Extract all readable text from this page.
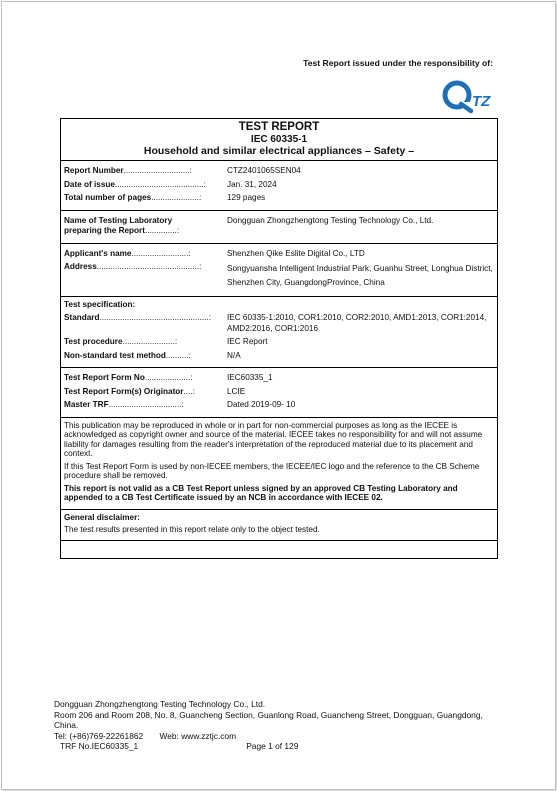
Test Report issued under the responsibility of:
TZ
TEST REPORT
IEC 60335-1
Household and similar electrical appliances – Safety –
Report Number.............................:	CTZ2401065SEN04
Date of issue.......................................:	Jan. 31, 2024
Total number of pages.....................:	129 pages
Name of Testing Laboratory
preparing the Report..............:
Dongguan Zhongzhengtong Testing Technology Co., Ltd.
Applicant's name.........................:	Shenzhen Qike Eslite Digital Co., LTD
Address.............................................:	Songyuansha Intelligent Industrial Park, Guanhu Street, Longhua District, Shenzhen City, GuangdongProvince, China
Test specification:
Standard................................................:	IEC 60335-1:2010, COR1:2010, COR2:2010, AMD1:2013, COR1:2014, AMD2:2016, COR1:2016
Test procedure.......................:	IEC Report
Non-standard test method..........:	N/A
Test Report Form No....................:	IEC60335_1
Test Report Form(s) Originator....:	LCIE
Master TRF................................:	Dated 2019-09- 10
This publication may be reproduced in whole or in part for non-commercial purposes as long as the IECEE is acknowledged as copyright owner and source of the material. IECEE takes no responsibility for and will not assume liability for damages resulting from the reader's interpretation of the reproduced material due to its placement and context.
If this Test Report Form is used by non-IECEE members, the IECEE/IEC logo and the reference to the CB Scheme procedure shall be removed.
This report is not valid as a CB Test Report unless signed by an approved CB Testing Laboratory and appended to a CB Test Certificate issued by an NCB in accordance with IECEE 02.
General disclaimer:
The test results presented in this report relate only to the object tested.
Dongguan Zhongzhengtong Testing Technology Co., Ltd.
Room 206 and Room 208, No. 8, Guancheng Section, Guanlong Road, Guancheng Street, Dongguan, Guangdong, China.
Tel: (+86)769-22261862 Web: www.zztjc.com
TRF No.IEC60335_1	Page 1 of 129
